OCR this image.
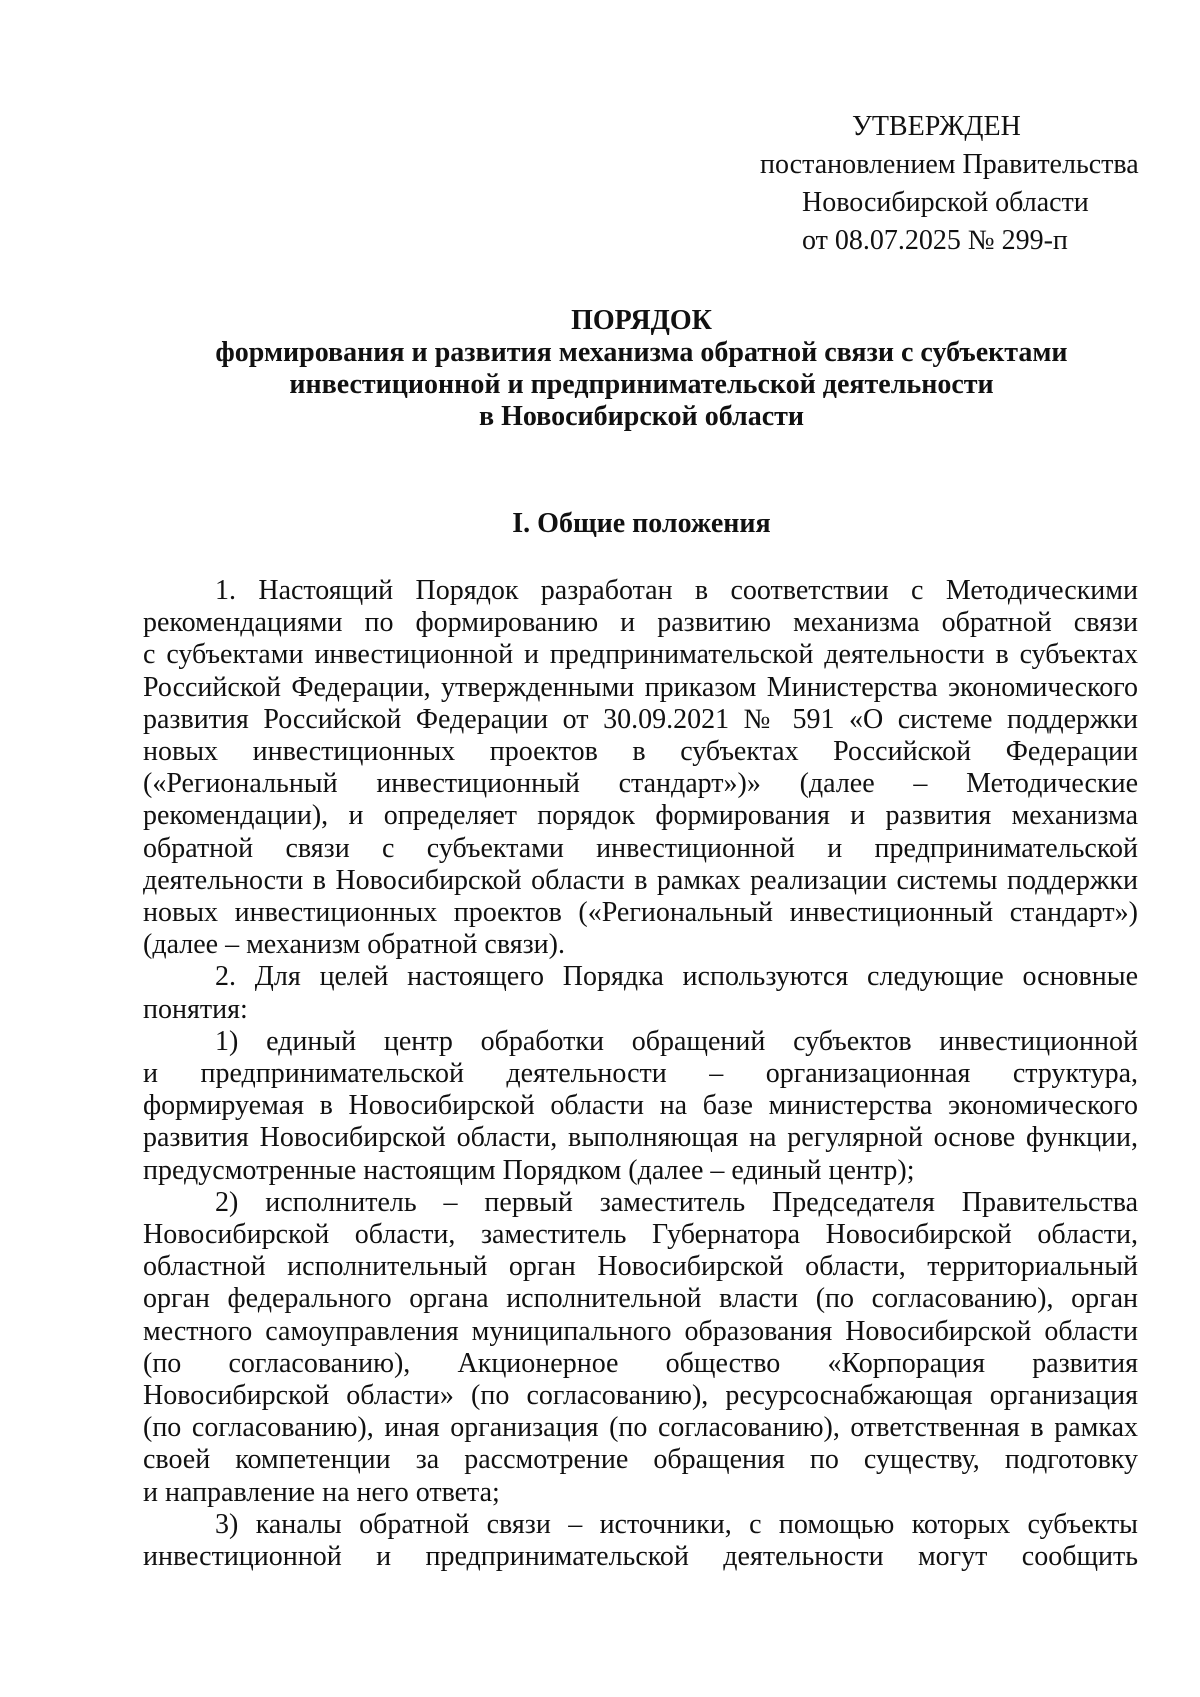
УТВЕРЖДЕН
постановлением Правительства
Новосибирской области
от 08.07.2025 № 299-п
ПОРЯДОК
формирования и развития механизма обратной связи с субъектами
инвестиционной и предпринимательской деятельности
в Новосибирской области
I. Общие положения
1. Настоящий Порядок разработан в соответствии с Методическими
рекомендациями по формированию и развитию механизма обратной связи
с субъектами инвестиционной и предпринимательской деятельности в субъектах
Российской Федерации, утвержденными приказом Министерства экономического
развития Российской Федерации от 30.09.2021 № 591 «О системе поддержки
новых инвестиционных проектов в субъектах Российской Федерации
(«Региональный инвестиционный стандарт»)» (далее – Методические
рекомендации), и определяет порядок формирования и развития механизма
обратной связи с субъектами инвестиционной и предпринимательской
деятельности в Новосибирской области в рамках реализации системы поддержки
новых инвестиционных проектов («Региональный инвестиционный стандарт»)
(далее – механизм обратной связи).
2. Для целей настоящего Порядка используются следующие основные
понятия:
1) единый центр обработки обращений субъектов инвестиционной
и предпринимательской деятельности – организационная структура,
формируемая в Новосибирской области на базе министерства экономического
развития Новосибирской области, выполняющая на регулярной основе функции,
предусмотренные настоящим Порядком (далее – единый центр);
2) исполнитель – первый заместитель Председателя Правительства
Новосибирской области, заместитель Губернатора Новосибирской области,
областной исполнительный орган Новосибирской области, территориальный
орган федерального органа исполнительной власти (по согласованию), орган
местного самоуправления муниципального образования Новосибирской области
(по согласованию), Акционерное общество «Корпорация развития
Новосибирской области» (по согласованию), ресурсоснабжающая организация
(по согласованию), иная организация (по согласованию), ответственная в рамках
своей компетенции за рассмотрение обращения по существу, подготовку
и направление на него ответа;
3) каналы обратной связи – источники, с помощью которых субъекты
инвестиционной и предпринимательской деятельности могут сообщить
